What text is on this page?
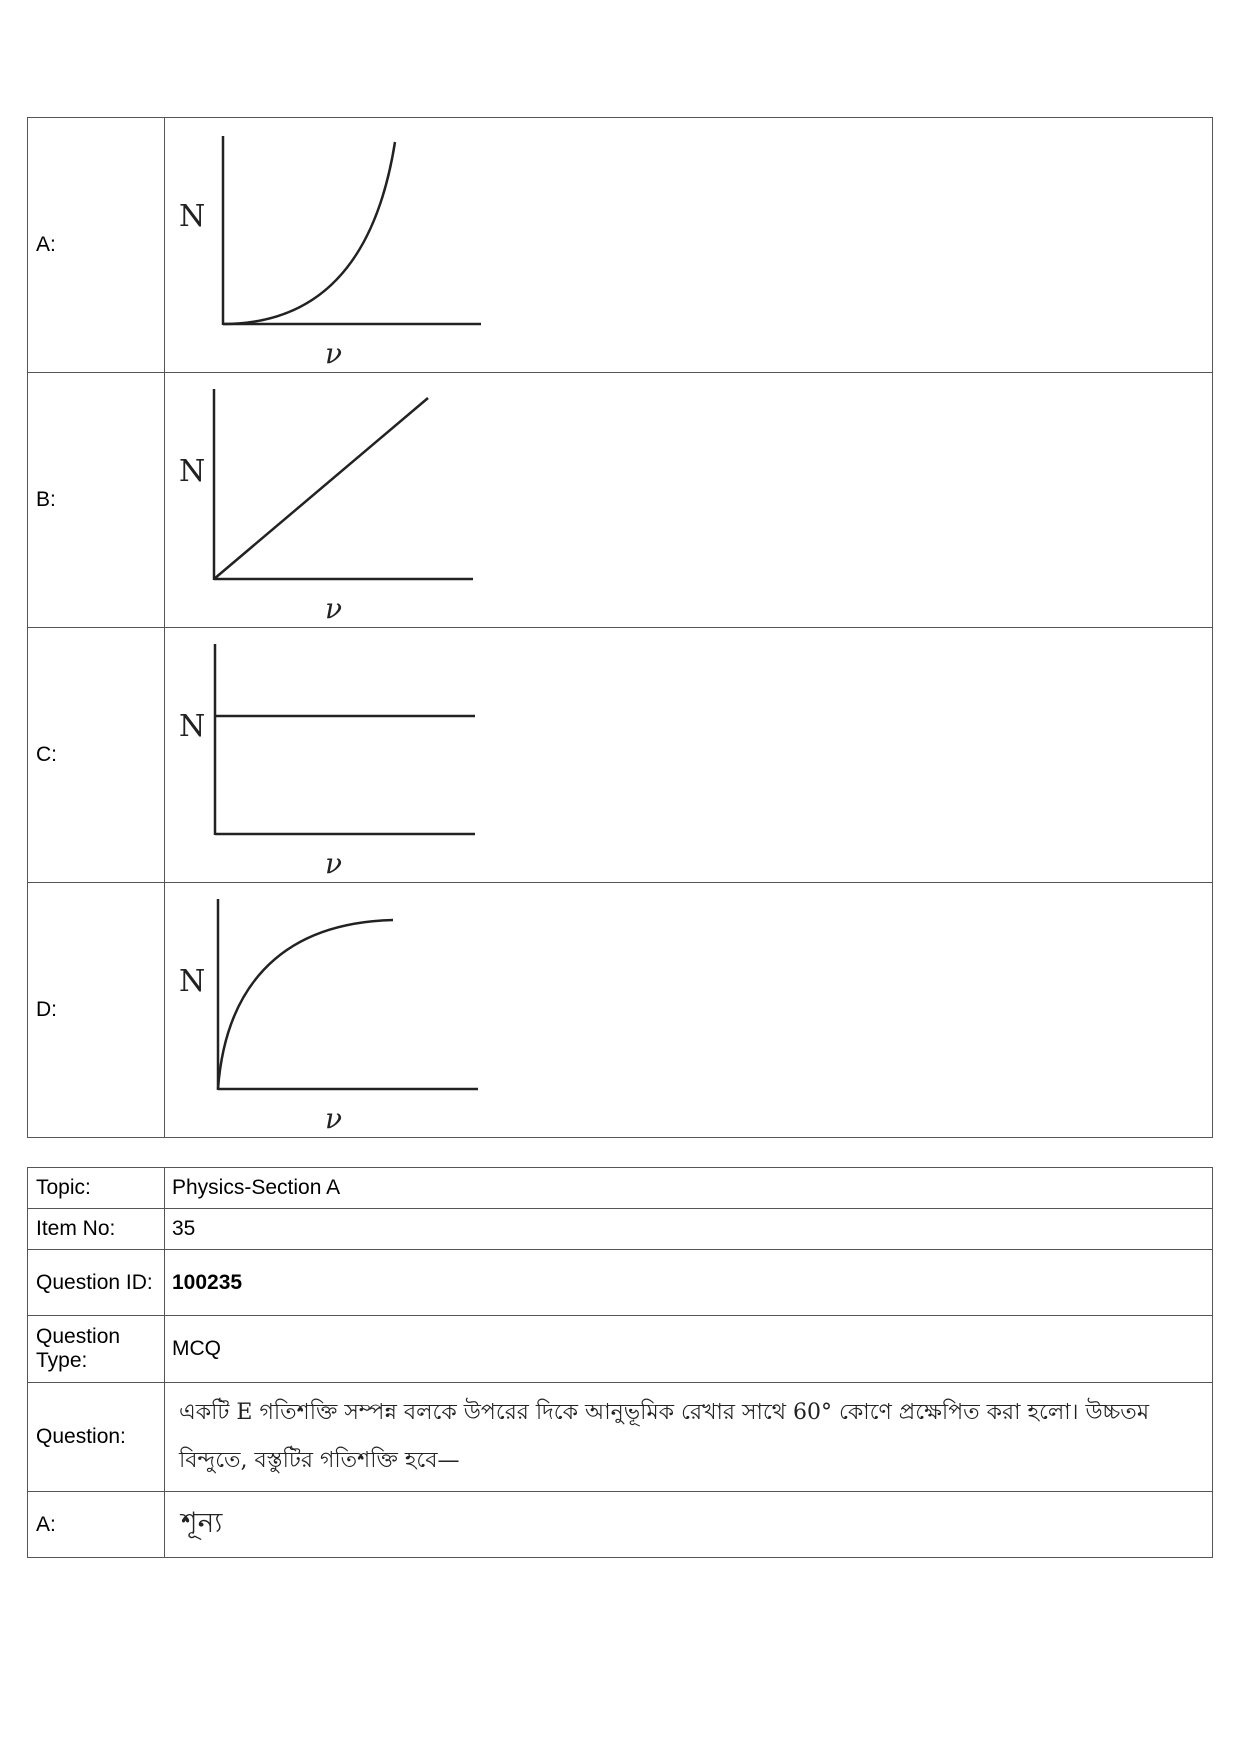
A:	N
ν

B:	N
ν

C:	N
ν

D:	N
ν
Topic:	Physics-Section A
Item No:	35
Question ID:	100235
Question Type:	MCQ
Question:	একটি E গতিশক্তি সম্পন্ন বলকে উপরের দিকে আনুভূমিক রেখার সাথে 60° কোণে প্রক্ষেপিত করা হলো। উচ্চতম বিন্দুতে, বস্তুটির গতিশক্তি হবে—
A:	শূন্য
